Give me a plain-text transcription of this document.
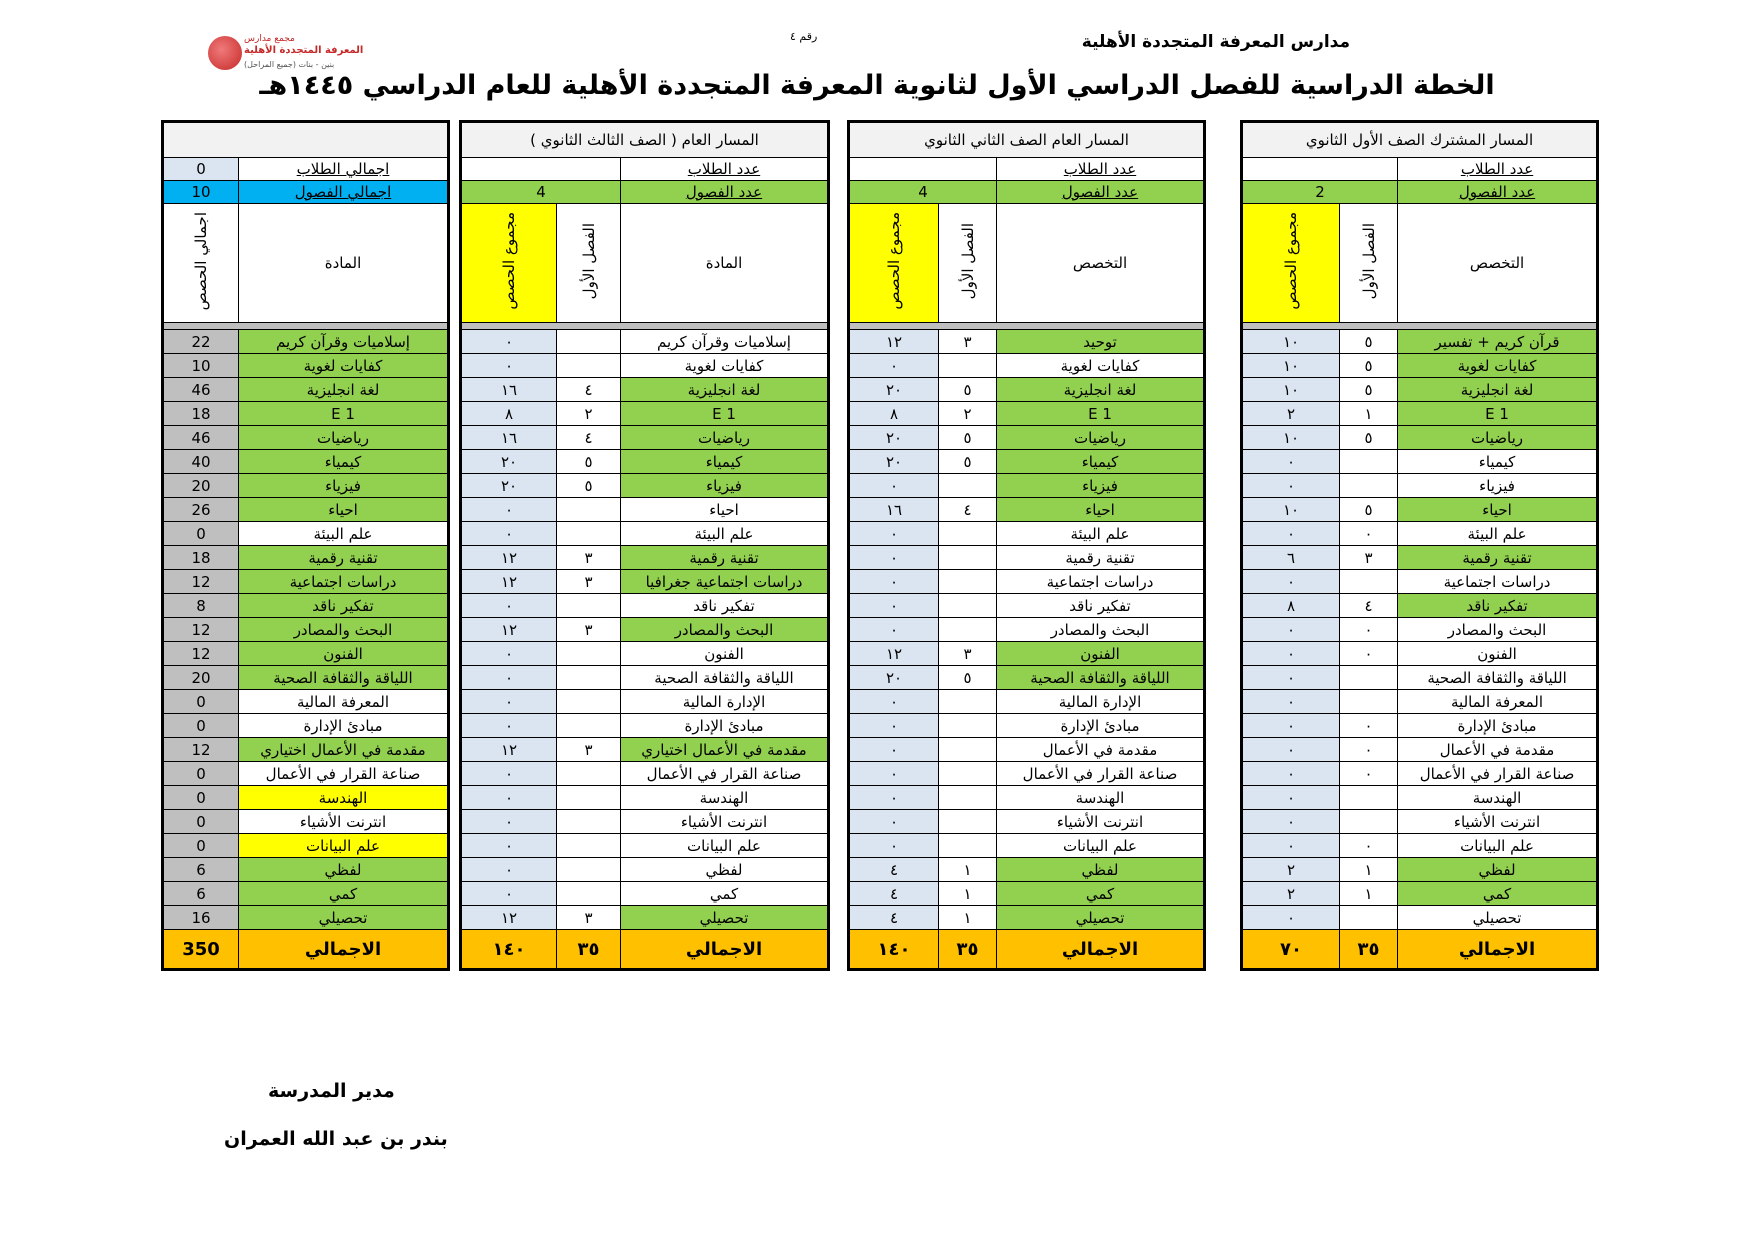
مدارس المعرفة المتجددة الأهلية
رقم ٤
مجمع مدارس
المعرفة المتجددة الأهلية
بنين - بنات (جميع المراحل)
الخطة الدراسية للفصل الدراسي الأول لثانوية المعرفة المتجددة الأهلية للعام الدراسي ١٤٤٥هـ
المسار المشترك الصف الأول الثانوي		
عدد الطلاب		
عدد الفصول	2	
التخصص	الفصل الأول	مجموع الحصص

قرآن كريم + تفسير	٥	١٠
كفايات لغوية	٥	١٠
لغة انجليزية	٥	١٠
E 1	١	٢
رياضيات	٥	١٠
كيمياء		٠
فيزياء		٠
احياء	٥	١٠
علم البيئة	٠	٠
تقنية رقمية	٣	٦
دراسات اجتماعية		٠
تفكير ناقد	٤	٨
البحث والمصادر	٠	٠
الفنون	٠	٠
اللياقة والثقافة الصحية		٠
المعرفة المالية		٠
مبادئ الإدارة	٠	٠
مقدمة في الأعمال	٠	٠
صناعة القرار في الأعمال	٠	٠
الهندسة		٠
انترنت الأشياء		٠
علم البيانات	٠	٠
لفظي	١	٢
كمي	١	٢
تحصيلي		٠
الاجمالي	٣٥	٧٠
المسار العام الصف الثاني الثانوي		
عدد الطلاب		
عدد الفصول	4	
التخصص	الفصل الأول	مجموع الحصص

توحيد	٣	١٢
كفايات لغوية		٠
لغة انجليزية	٥	٢٠
E 1	٢	٨
رياضيات	٥	٢٠
كيمياء	٥	٢٠
فيزياء		٠
احياء	٤	١٦
علم البيئة		٠
تقنية رقمية		٠
دراسات اجتماعية		٠
تفكير ناقد		٠
البحث والمصادر		٠
الفنون	٣	١٢
اللياقة والثقافة الصحية	٥	٢٠
الإدارة المالية		٠
مبادئ الإدارة		٠
مقدمة في الأعمال		٠
صناعة القرار في الأعمال		٠
الهندسة		٠
انترنت الأشياء		٠
علم البيانات		٠
لفظي	١	٤
كمي	١	٤
تحصيلي	١	٤
الاجمالي	٣٥	١٤٠
المسار العام ( الصف الثالث الثانوي )		
عدد الطلاب		
عدد الفصول	4	
المادة	الفصل الأول	مجموع الحصص

إسلاميات وقرآن كريم		٠
كفايات لغوية		٠
لغة انجليزية	٤	١٦
E 1	٢	٨
رياضيات	٤	١٦
كيمياء	٥	٢٠
فيزياء	٥	٢٠
احياء		٠
علم البيئة		٠
تقنية رقمية	٣	١٢
دراسات اجتماعية جغرافيا	٣	١٢
تفكير ناقد		٠
البحث والمصادر	٣	١٢
الفنون		٠
اللياقة والثقافة الصحية		٠
الإدارة المالية		٠
مبادئ الإدارة		٠
مقدمة في الأعمال اختياري	٣	١٢
صناعة القرار في الأعمال		٠
الهندسة		٠
انترنت الأشياء		٠
علم البيانات		٠
لفظي		٠
كمي		٠
تحصيلي	٣	١٢
الاجمالي	٣٥	١٤٠

اجمالي الطلاب	0
اجمالي الفصول	10
المادة	اجمالي الحصص

إسلاميات وقرآن كريم	22
كفايات لغوية	10
لغة انجليزية	46
E 1	18
رياضيات	46
كيمياء	40
فيزياء	20
احياء	26
علم البيئة	0
تقنية رقمية	18
دراسات اجتماعية	12
تفكير ناقد	8
البحث والمصادر	12
الفنون	12
اللياقة والثقافة الصحية	20
المعرفة المالية	0
مبادئ الإدارة	0
مقدمة في الأعمال اختياري	12
صناعة القرار في الأعمال	0
الهندسة	0
انترنت الأشياء	0
علم البيانات	0
لفظي	6
كمي	6
تحصيلي	16
الاجمالي	350
مدير المدرسة
بندر بن عبد الله العمران
